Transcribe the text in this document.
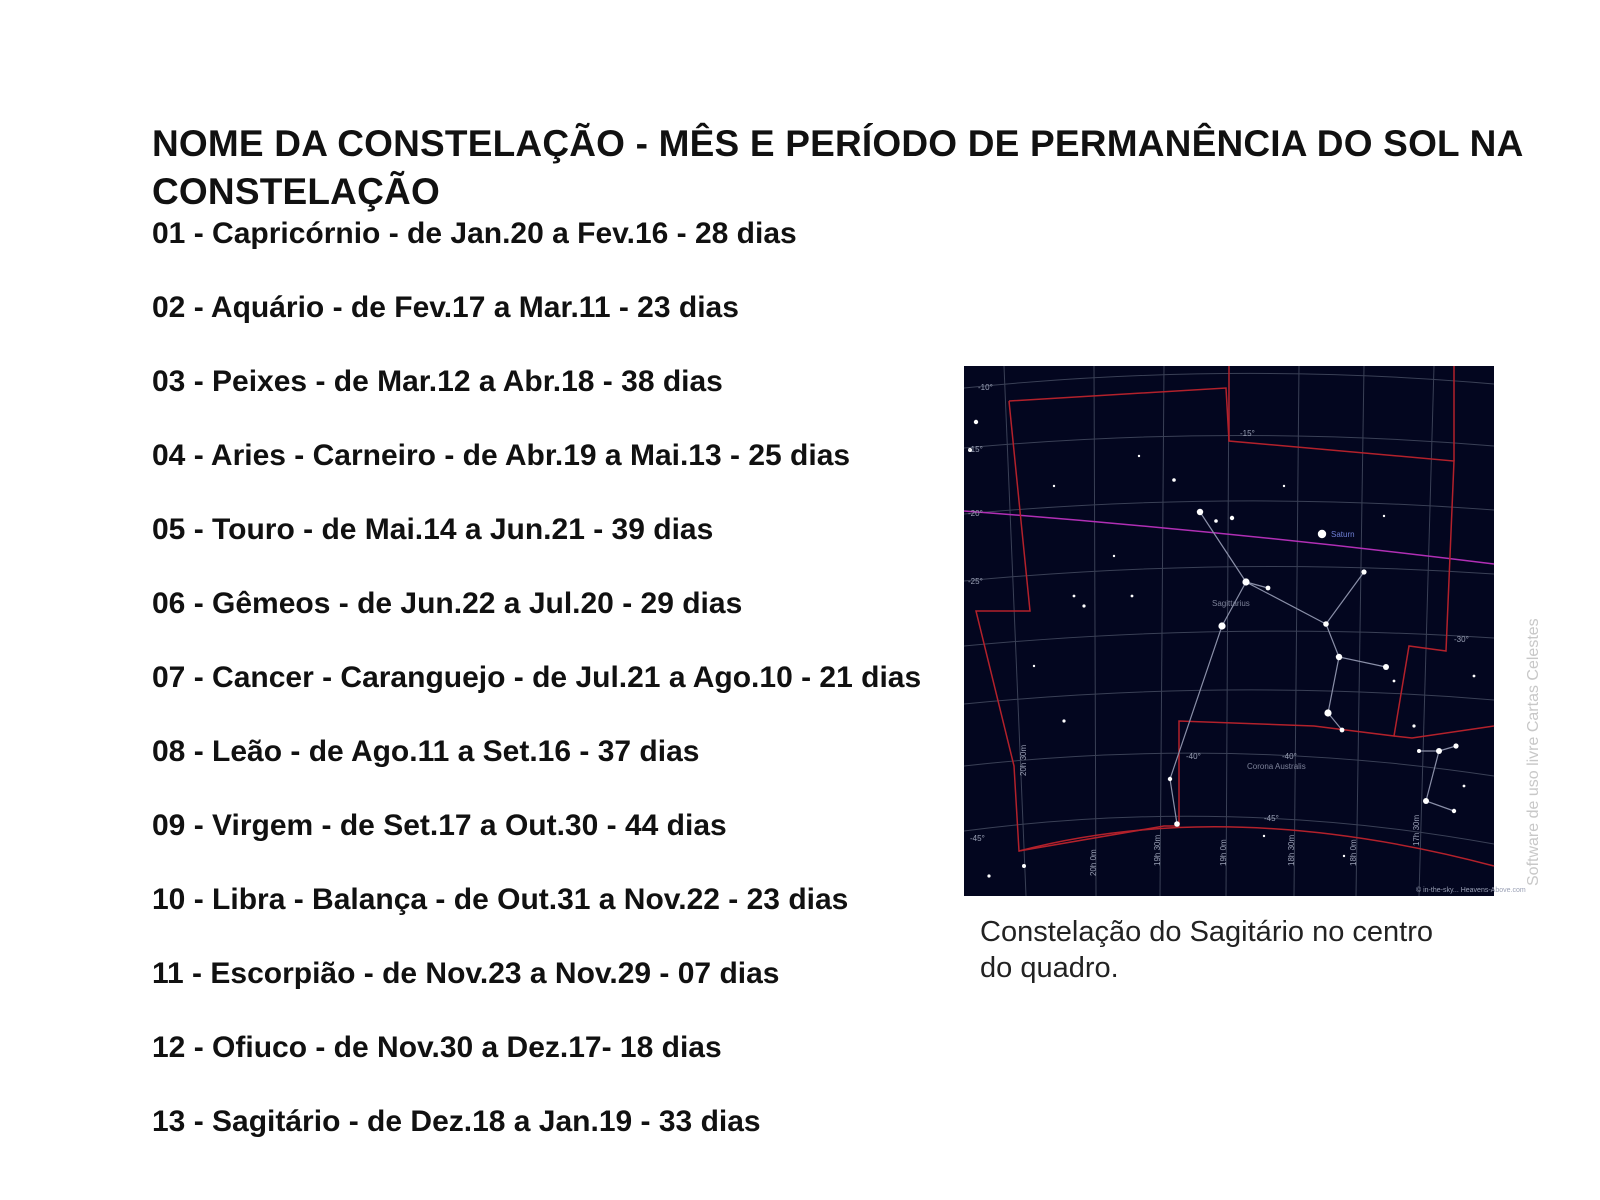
NOME DA CONSTELAÇÃO - MÊS E PERÍODO DE PERMANÊNCIA DO SOL NA CONSTELAÇÃO
01 - Capricórnio - de Jan.20 a Fev.16 - 28 dias
02 - Aquário - de Fev.17 a Mar.11 - 23 dias
03 - Peixes - de Mar.12 a Abr.18 - 38 dias
04 - Aries - Carneiro - de Abr.19 a Mai.13 - 25 dias
05 - Touro - de Mai.14 a Jun.21 - 39 dias
06 - Gêmeos - de Jun.22 a Jul.20 - 29 dias
07 - Cancer - Caranguejo - de Jul.21 a Ago.10 - 21 dias
08 - Leão - de Ago.11 a Set.16 - 37 dias
09 - Virgem - de Set.17 a Out.30 - 44 dias
10 - Libra - Balança - de Out.31 a Nov.22 - 23 dias
11 - Escorpião - de Nov.23 a Nov.29 - 07 dias
12 - Ofiuco - de Nov.30 a Dez.17- 18 dias
13 - Sagitário - de Dez.18 a Jan.19 - 33 dias
Saturn
Sagittarius
Corona Australis
© in-the-sky... Heavens-Above.com
-10°
-15°
-15°
-20°
-25°
-30°
-40°	-40°
-45°
-45°
19h 30m	19h 0m	18h 30m	18h 0m
17h 30m
20h 0m
20h 30m
Constelação do Sagitário no centro do quadro.
Software de uso livre Cartas Celestes
